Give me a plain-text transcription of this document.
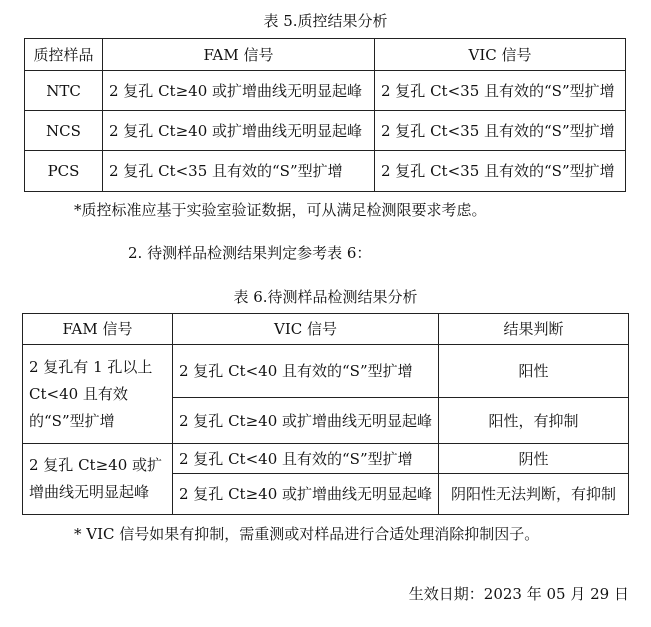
表 5.质控结果分析
质控样品	FAM 信号	VIC 信号
NTC	2 复孔 Ct≥40 或扩增曲线无明显起峰	2 复孔 Ct<35 且有效的“S”型扩增
NCS	2 复孔 Ct≥40 或扩增曲线无明显起峰	2 复孔 Ct<35 且有效的“S”型扩增
PCS	2 复孔 Ct<35 且有效的“S”型扩增	2 复孔 Ct<35 且有效的“S”型扩增
*质控标准应基于实验室验证数据，可从满足检测限要求考虑。
2. 待测样品检测结果判定参考表 6：
表 6.待测样品检测结果分析
FAM 信号	VIC 信号	结果判断
2 复孔有 1 孔以上 Ct<40 且有效的“S”型扩增	2 复孔 Ct<40 且有效的“S”型扩增	阳性
	2 复孔 Ct≥40 或扩增曲线无明显起峰	阳性，有抑制
2 复孔 Ct≥40 或扩增曲线无明显起峰	2 复孔 Ct<40 且有效的“S”型扩增	阴性
	2 复孔 Ct≥40 或扩增曲线无明显起峰	阴阳性无法判断，有抑制
* VIC 信号如果有抑制，需重测或对样品进行合适处理消除抑制因子。
生效日期：2023 年 05 月 29 日
